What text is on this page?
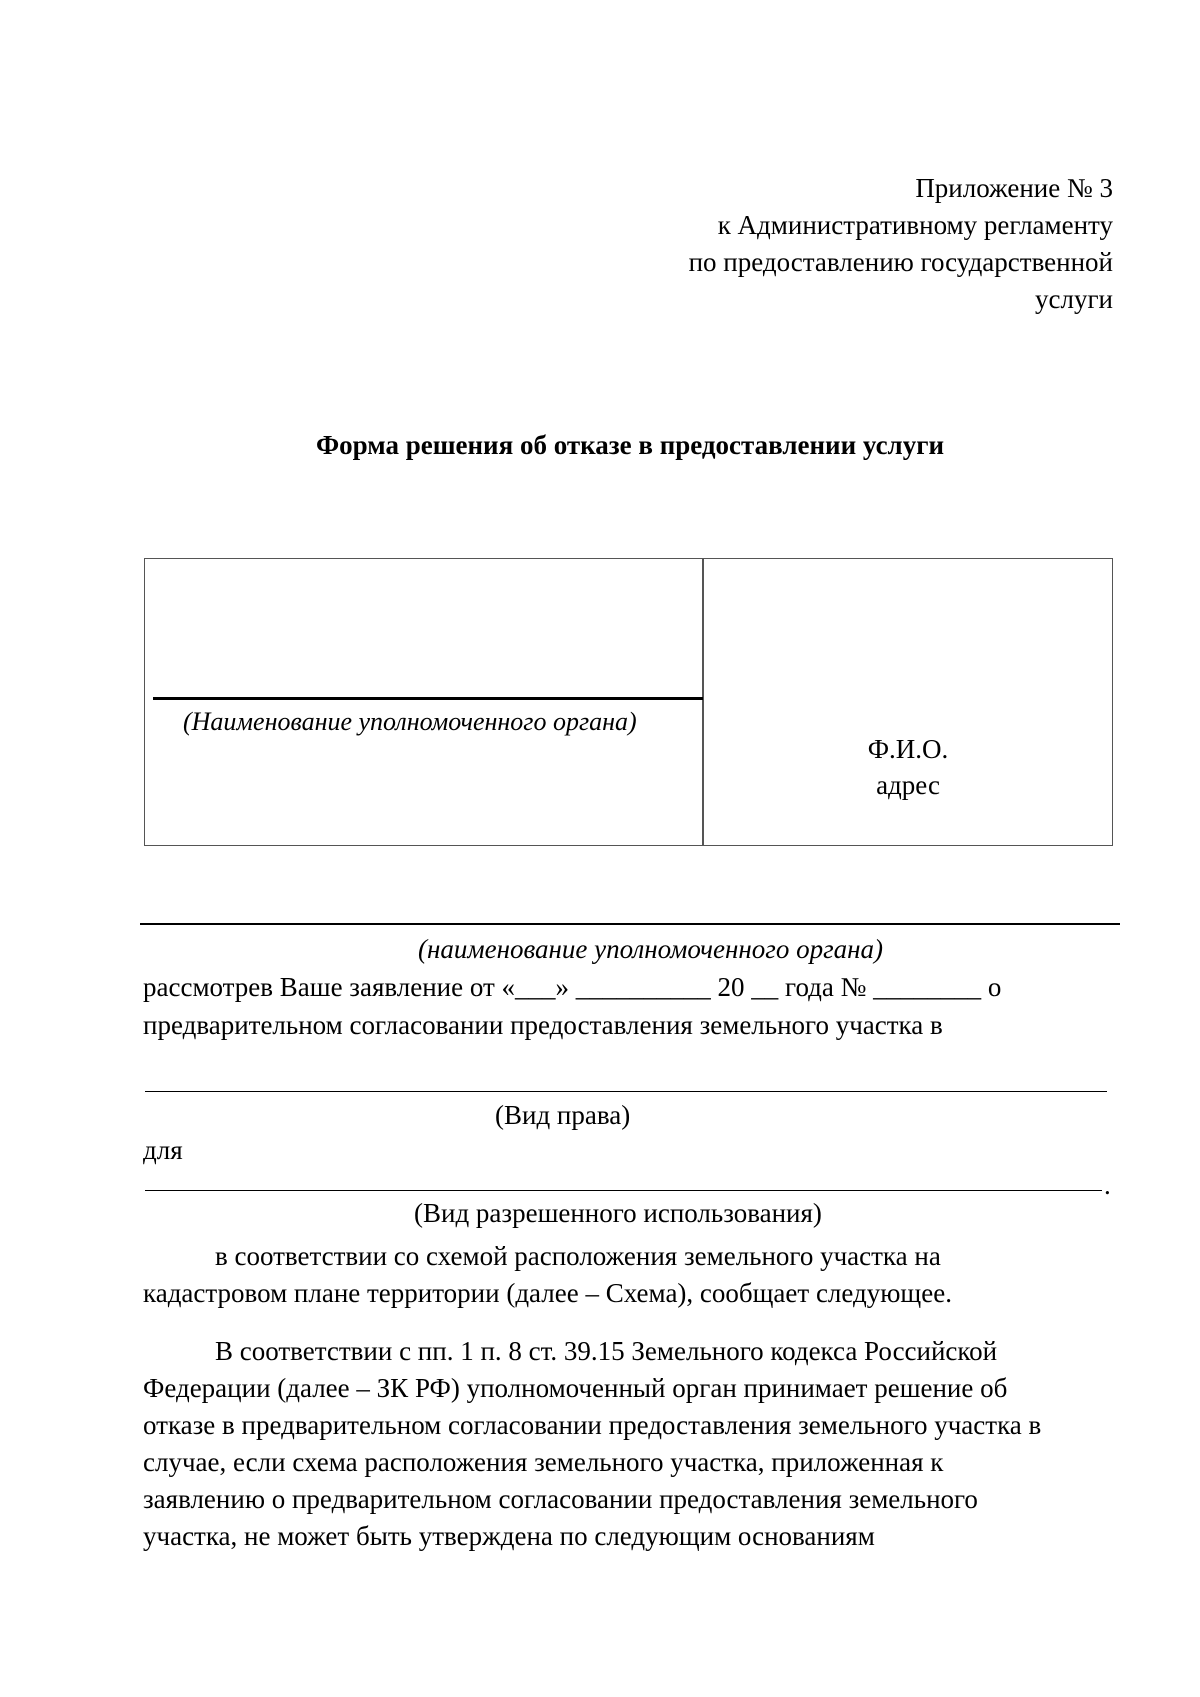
Приложение № 3
к Административному регламенту
по предоставлению государственной
услуги
Форма решения об отказе в предоставлении услуги
(Наименование уполномоченного органа)
Ф.И.О.
адрес
(наименование уполномоченного органа)
рассмотрев Ваше заявление от «___» __________ 20 __ года № ________ о
предварительном согласовании предоставления земельного участка в
(Вид права)
для
.
(Вид разрешенного использования)
в соответствии со схемой расположения земельного участка на
кадастровом плане территории (далее – Схема), сообщает следующее.
В соответствии с пп. 1 п. 8 ст. 39.15 Земельного кодекса Российской
Федерации (далее – ЗК РФ) уполномоченный орган принимает решение об
отказе в предварительном согласовании предоставления земельного участка в
случае, если схема расположения земельного участка, приложенная к
заявлению о предварительном согласовании предоставления земельного
участка, не может быть утверждена по следующим основаниям
